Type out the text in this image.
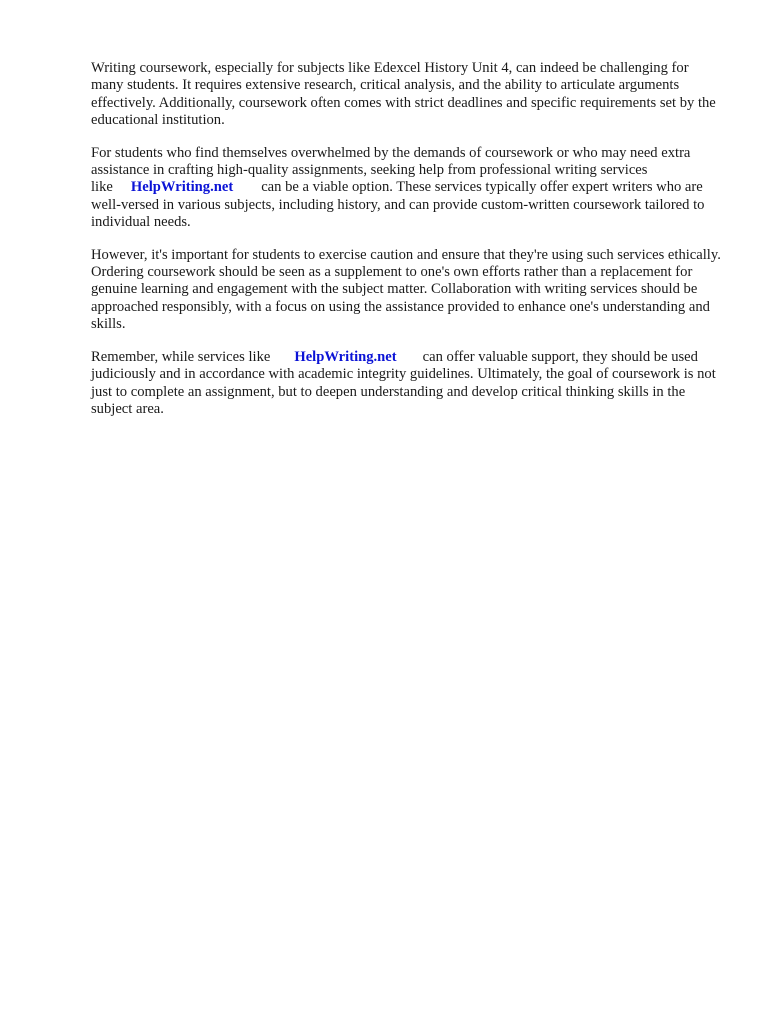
Writing coursework, especially for subjects like Edexcel History Unit 4, can indeed be challenging for many students. It requires extensive research, critical analysis, and the ability to articulate arguments effectively. Additionally, coursework often comes with strict deadlines and specific requirements set by the educational institution.

For students who find themselves overwhelmed by the demands of coursework or who may need extra assistance in crafting high-quality assignments, seeking help from professional writing services like HelpWriting.net can be a viable option. These services typically offer expert writers who are well-versed in various subjects, including history, and can provide custom-written coursework tailored to individual needs.

However, it's important for students to exercise caution and ensure that they're using such services ethically. Ordering coursework should be seen as a supplement to one's own efforts rather than a replacement for genuine learning and engagement with the subject matter. Collaboration with writing services should be approached responsibly, with a focus on using the assistance provided to enhance one's understanding and skills.

Remember, while services like HelpWriting.net can offer valuable support, they should be used judiciously and in accordance with academic integrity guidelines. Ultimately, the goal of coursework is not just to complete an assignment, but to deepen understanding and develop critical thinking skills in the subject area.
